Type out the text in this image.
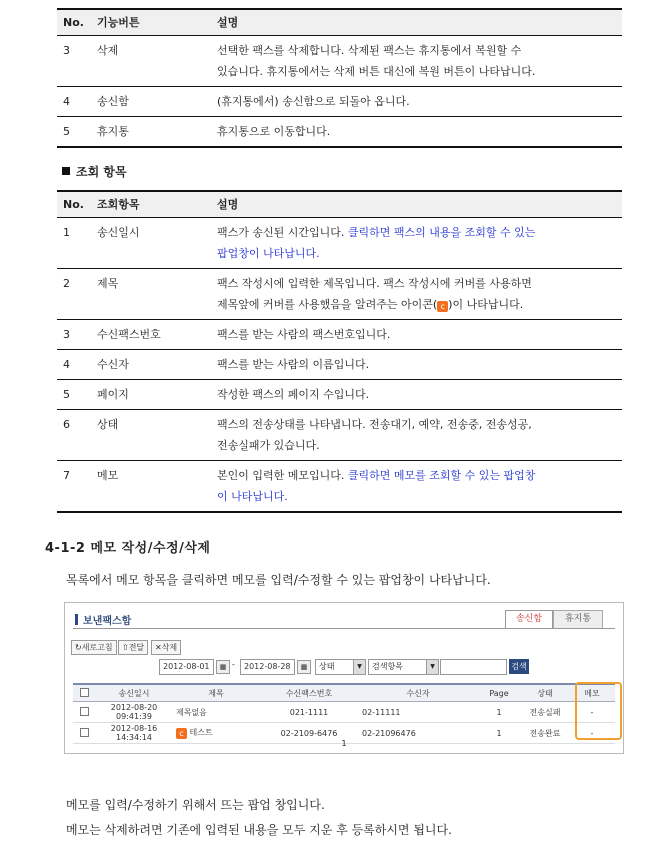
No.	기능버튼	설명
3	삭제	선택한 팩스를 삭제합니다. 삭제된 팩스는 휴지통에서 복원할 수
있습니다. 휴지통에서는 삭제 버튼 대신에 복원 버튼이 나타납니다.
4	송신함	(휴지통에서) 송신함으로 되돌아 옵니다.
5	휴지통	휴지통으로 이동합니다.
조회 항목
No.	조회항목	설명
1	송신일시	팩스가 송신된 시간입니다. 클릭하면 팩스의 내용을 조회할 수 있는
팝업창이 나타납니다.
2	제목	팩스 작성시에 입력한 제목입니다. 팩스 작성시에 커버를 사용하면
제목앞에 커버를 사용했음을 알려주는 아이콘( c )이 나타납니다.
3	수신팩스번호	팩스를 받는 사람의 팩스번호입니다.
4	수신자	팩스를 받는 사람의 이름입니다.
5	페이지	작성한 팩스의 페이지 수입니다.
6	상태	팩스의 전송상태를 나타냅니다. 전송대기, 예약, 전송중, 전송성공,
전송실패가 있습니다.
7	메모	본인이 입력한 메모입니다. 클릭하면 메모를 조회할 수 있는 팝업창
이 나타납니다.
4-1-2 메모 작성/수정/삭제
목록에서 메모 항목을 클릭하면 메모를 입력/수정할 수 있는 팝업창이 나타납니다.
보낸팩스함	송신함	휴지통
↻새로고침	⇧전달	✕삭제
2012-08-01	▦ -	2012-08-28	▦	상태	▼	검색항목	▼	검색
	송신일시	제목	수신팩스번호	수신자	Page	상태	메모
	2012-08-20 09:41:39	제목없음	021-1111	02-11111	1	전송실패	-
	2012-08-16 14:34:14	c 테스트	02-2109-6476	02-21096476	1	전송완료	-
1
메모를 입력/수정하기 위해서 뜨는 팝업 창입니다.
메모는 삭제하려면 기존에 입력된 내용을 모두 지운 후 등록하시면 됩니다.
